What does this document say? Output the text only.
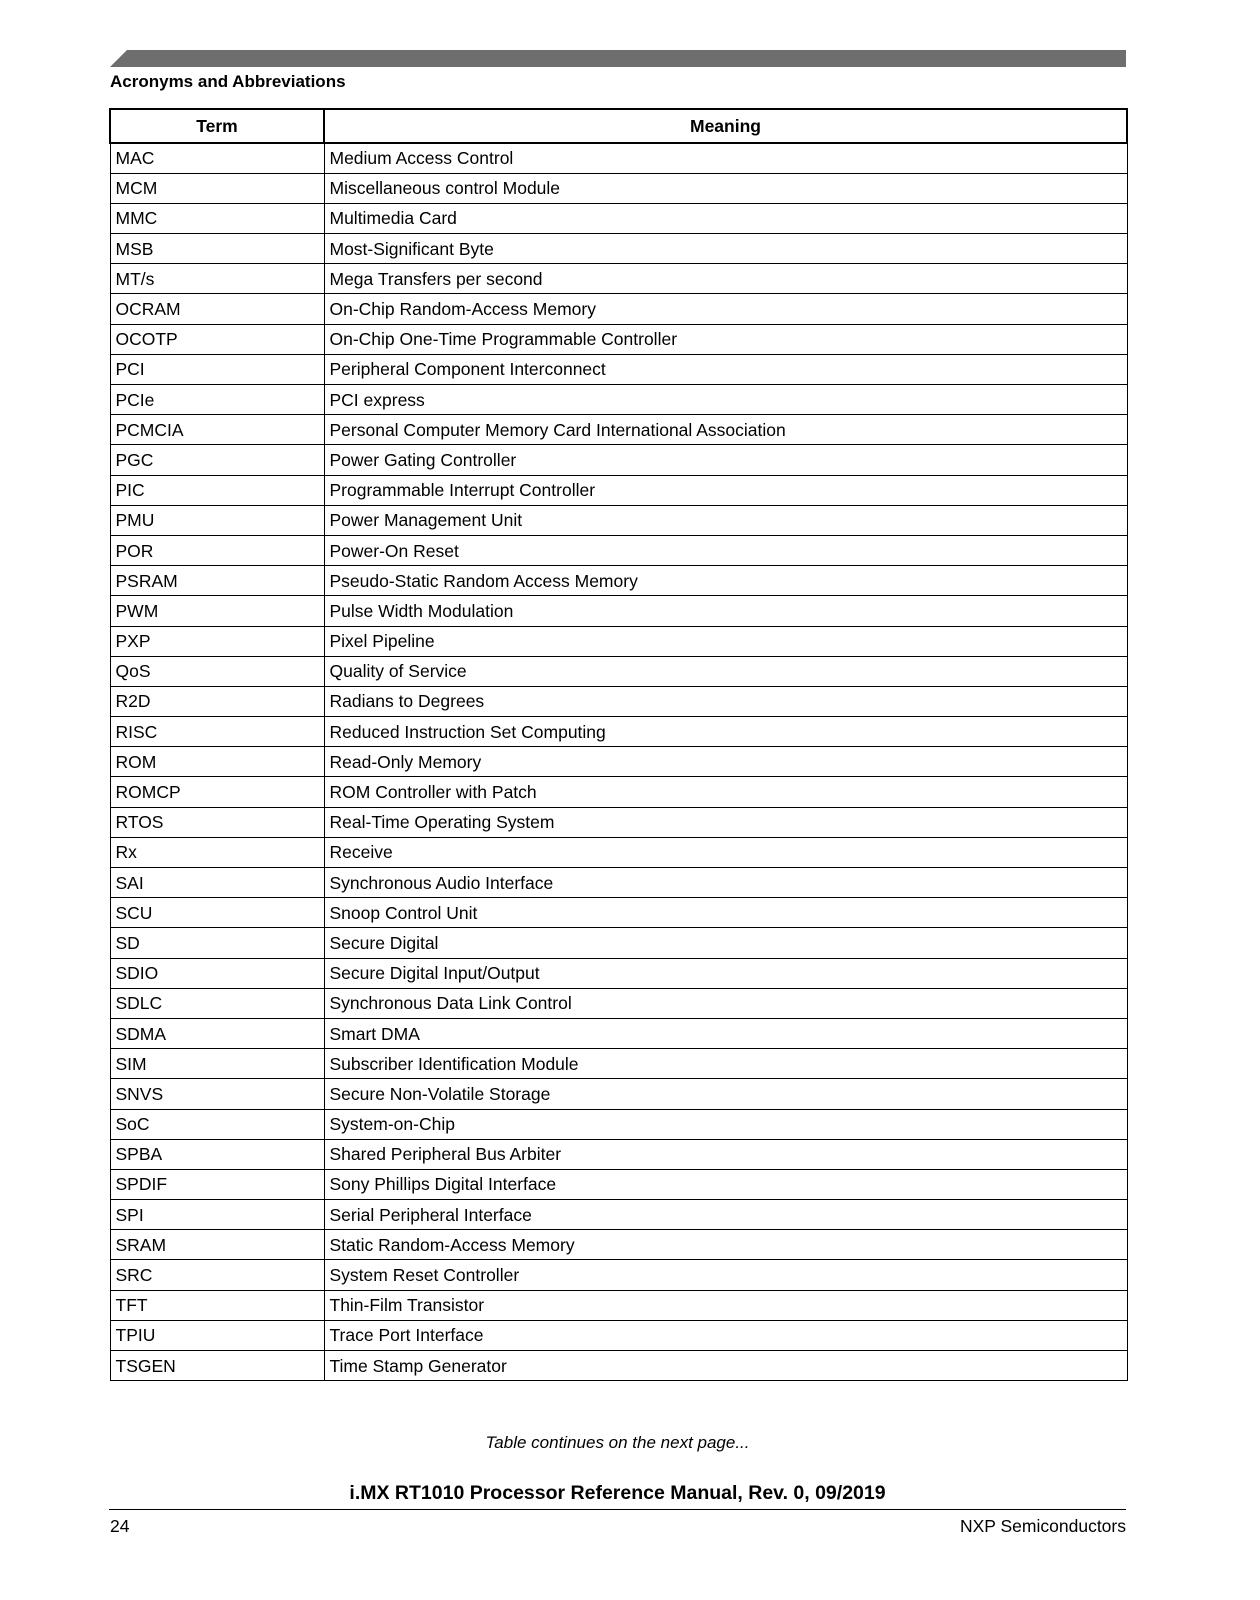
Acronyms and Abbreviations
Term	Meaning
MAC	Medium Access Control
MCM	Miscellaneous control Module
MMC	Multimedia Card
MSB	Most-Significant Byte
MT/s	Mega Transfers per second
OCRAM	On-Chip Random-Access Memory
OCOTP	On-Chip One-Time Programmable Controller
PCI	Peripheral Component Interconnect
PCIe	PCI express
PCMCIA	Personal Computer Memory Card International Association
PGC	Power Gating Controller
PIC	Programmable Interrupt Controller
PMU	Power Management Unit
POR	Power-On Reset
PSRAM	Pseudo-Static Random Access Memory
PWM	Pulse Width Modulation
PXP	Pixel Pipeline
QoS	Quality of Service
R2D	Radians to Degrees
RISC	Reduced Instruction Set Computing
ROM	Read-Only Memory
ROMCP	ROM Controller with Patch
RTOS	Real-Time Operating System
Rx	Receive
SAI	Synchronous Audio Interface
SCU	Snoop Control Unit
SD	Secure Digital
SDIO	Secure Digital Input/Output
SDLC	Synchronous Data Link Control
SDMA	Smart DMA
SIM	Subscriber Identification Module
SNVS	Secure Non-Volatile Storage
SoC	System-on-Chip
SPBA	Shared Peripheral Bus Arbiter
SPDIF	Sony Phillips Digital Interface
SPI	Serial Peripheral Interface
SRAM	Static Random-Access Memory
SRC	System Reset Controller
TFT	Thin-Film Transistor
TPIU	Trace Port Interface
TSGEN	Time Stamp Generator
Table continues on the next page...
i.MX RT1010 Processor Reference Manual, Rev. 0, 09/2019
24	NXP Semiconductors
